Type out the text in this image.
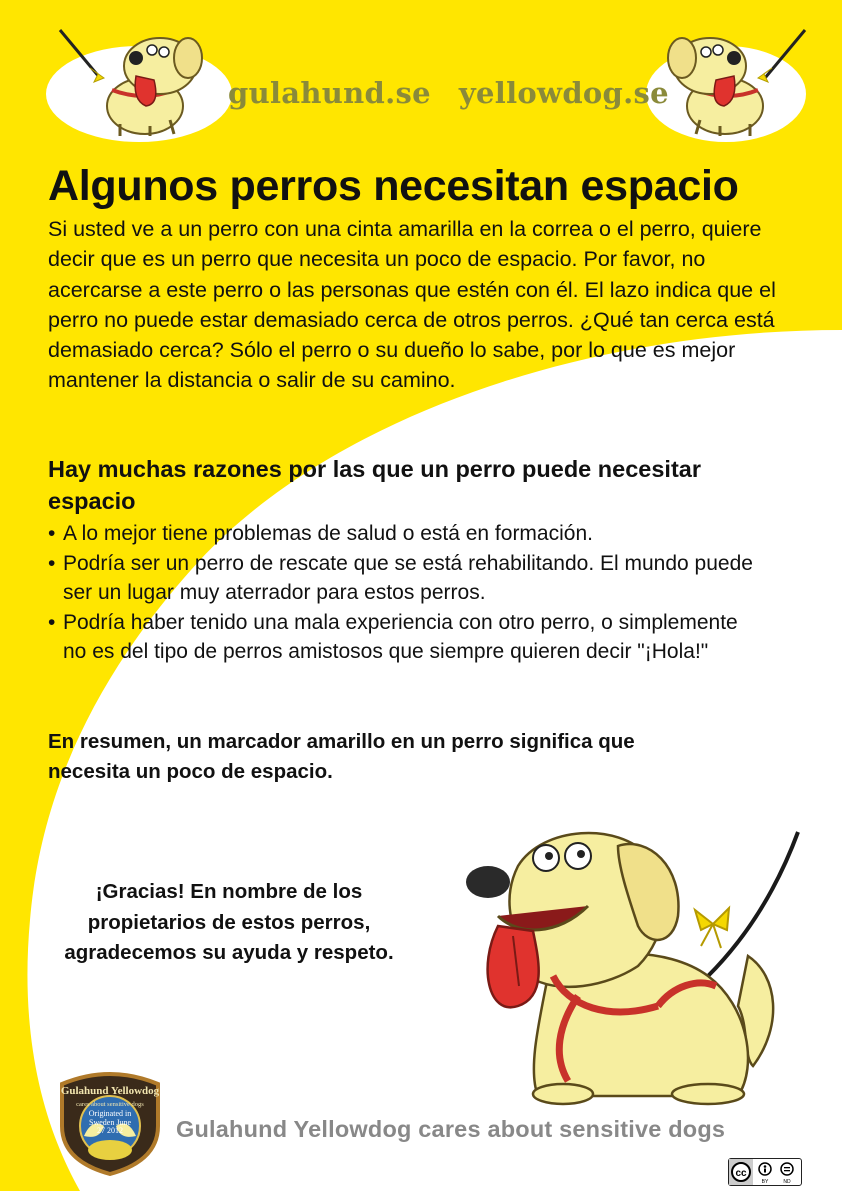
gulahund.se yellowdog.se
Algunos perros necesitan espacio

Si usted ve a un perro con una cinta amarilla en la correa o el perro, quiere decir que es un perro que necesita un poco de espacio. Por favor, no acercarse a este perro o las personas que estén con él. El lazo indica que el perro no puede estar demasiado cerca de otros perros. ¿Qué tan cerca está demasiado cerca? Sólo el perro o su dueño lo sabe, por lo que es mejor mantener la distancia o salir de su camino.

Hay muchas razones por las que un perro puede necesitar espacio
• A lo mejor tiene problemas de salud o está en formación.
• Podría ser un perro de rescate que se está rehabilitando. El mundo puede ser un lugar muy aterrador para estos perros.
• Podría haber tenido una mala experiencia con otro perro, o simplemente no es del tipo de perros amistosos que siempre quieren decir "¡Hola!"

En resumen, un marcador amarillo en un perro significa que necesita un poco de espacio.

¡Gracias! En nombre de los propietarios de estos perros, agradecemos su ayuda y respeto.

Gulahund Yellowdog
cares about sensitive dogs
Originated in Sweden June 27 2012	Gulahund Yellowdog cares about sensitive dogs
cc
BY	ND
